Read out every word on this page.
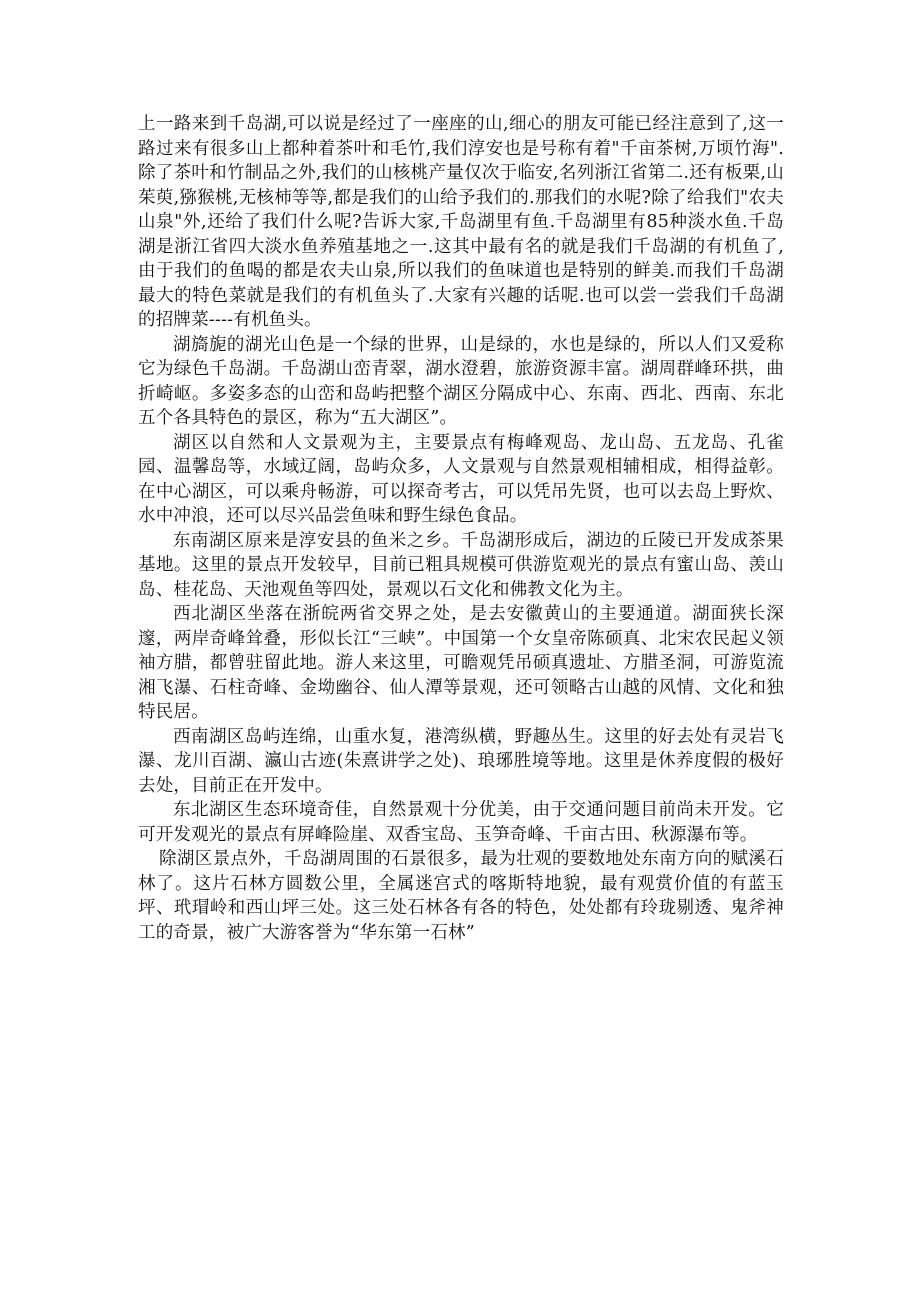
上一路来到千岛湖,可以说是经过了一座座的山,细心的朋友可能已经注意到了,这一路过来有很多山上都种着茶叶和毛竹,我们淳安也是号称有着"千亩茶树,万顷竹海".除了茶叶和竹制品之外,我们的山核桃产量仅次于临安,名列浙江省第二.还有板栗,山茱萸,猕猴桃,无核柿等等,都是我们的山给予我们的.那我们的水呢?除了给我们"农夫山泉"外,还给了我们什么呢?告诉大家,千岛湖里有鱼.千岛湖里有85种淡水鱼.千岛湖是浙江省四大淡水鱼养殖基地之一.这其中最有名的就是我们千岛湖的有机鱼了,由于我们的鱼喝的都是农夫山泉,所以我们的鱼味道也是特别的鲜美.而我们千岛湖最大的特色菜就是我们的有机鱼头了.大家有兴趣的话呢.也可以尝一尝我们千岛湖的招牌菜----有机鱼头。

湖旖旎的湖光山色是一个绿的世界，山是绿的，水也是绿的，所以人们又爱称它为绿色千岛湖。千岛湖山峦青翠，湖水澄碧，旅游资源丰富。湖周群峰环拱，曲折崎岖。多姿多态的山峦和岛屿把整个湖区分隔成中心、东南、西北、西南、东北五个各具特色的景区，称为“五大湖区”。

湖区以自然和人文景观为主，主要景点有梅峰观岛、龙山岛、五龙岛、孔雀园、温馨岛等，水域辽阔，岛屿众多，人文景观与自然景观相辅相成，相得益彰。在中心湖区，可以乘舟畅游，可以探奇考古，可以凭吊先贤，也可以去岛上野炊、水中冲浪，还可以尽兴品尝鱼味和野生绿色食品。

东南湖区原来是淳安县的鱼米之乡。千岛湖形成后，湖边的丘陵已开发成茶果基地。这里的景点开发较早，目前已粗具规模可供游览观光的景点有蜜山岛、羡山岛、桂花岛、天池观鱼等四处，景观以石文化和佛教文化为主。

西北湖区坐落在浙皖两省交界之处，是去安徽黄山的主要通道。湖面狭长深邃，两岸奇峰耸叠，形似长江“三峡”。中国第一个女皇帝陈硕真、北宋农民起义领袖方腊，都曾驻留此地。游人来这里，可瞻观凭吊硕真遗址、方腊圣洞，可游览流湘飞瀑、石柱奇峰、金坳幽谷、仙人潭等景观，还可领略古山越的风情、文化和独特民居。

西南湖区岛屿连绵，山重水复，港湾纵横，野趣丛生。这里的好去处有灵岩飞瀑、龙川百湖、瀛山古迹(朱熹讲学之处)、琅琊胜境等地。这里是休养度假的极好去处，目前正在开发中。

东北湖区生态环境奇佳，自然景观十分优美，由于交通问题目前尚未开发。它可开发观光的景点有屏峰险崖、双香宝岛、玉笋奇峰、千亩古田、秋源瀑布等。

除湖区景点外，千岛湖周围的石景很多，最为壮观的要数地处东南方向的赋溪石林了。这片石林方圆数公里，全属迷宫式的喀斯特地貌，最有观赏价值的有蓝玉坪、玳瑁岭和西山坪三处。这三处石林各有各的特色，处处都有玲珑剔透、鬼斧神工的奇景，被广大游客誉为“华东第一石林”
